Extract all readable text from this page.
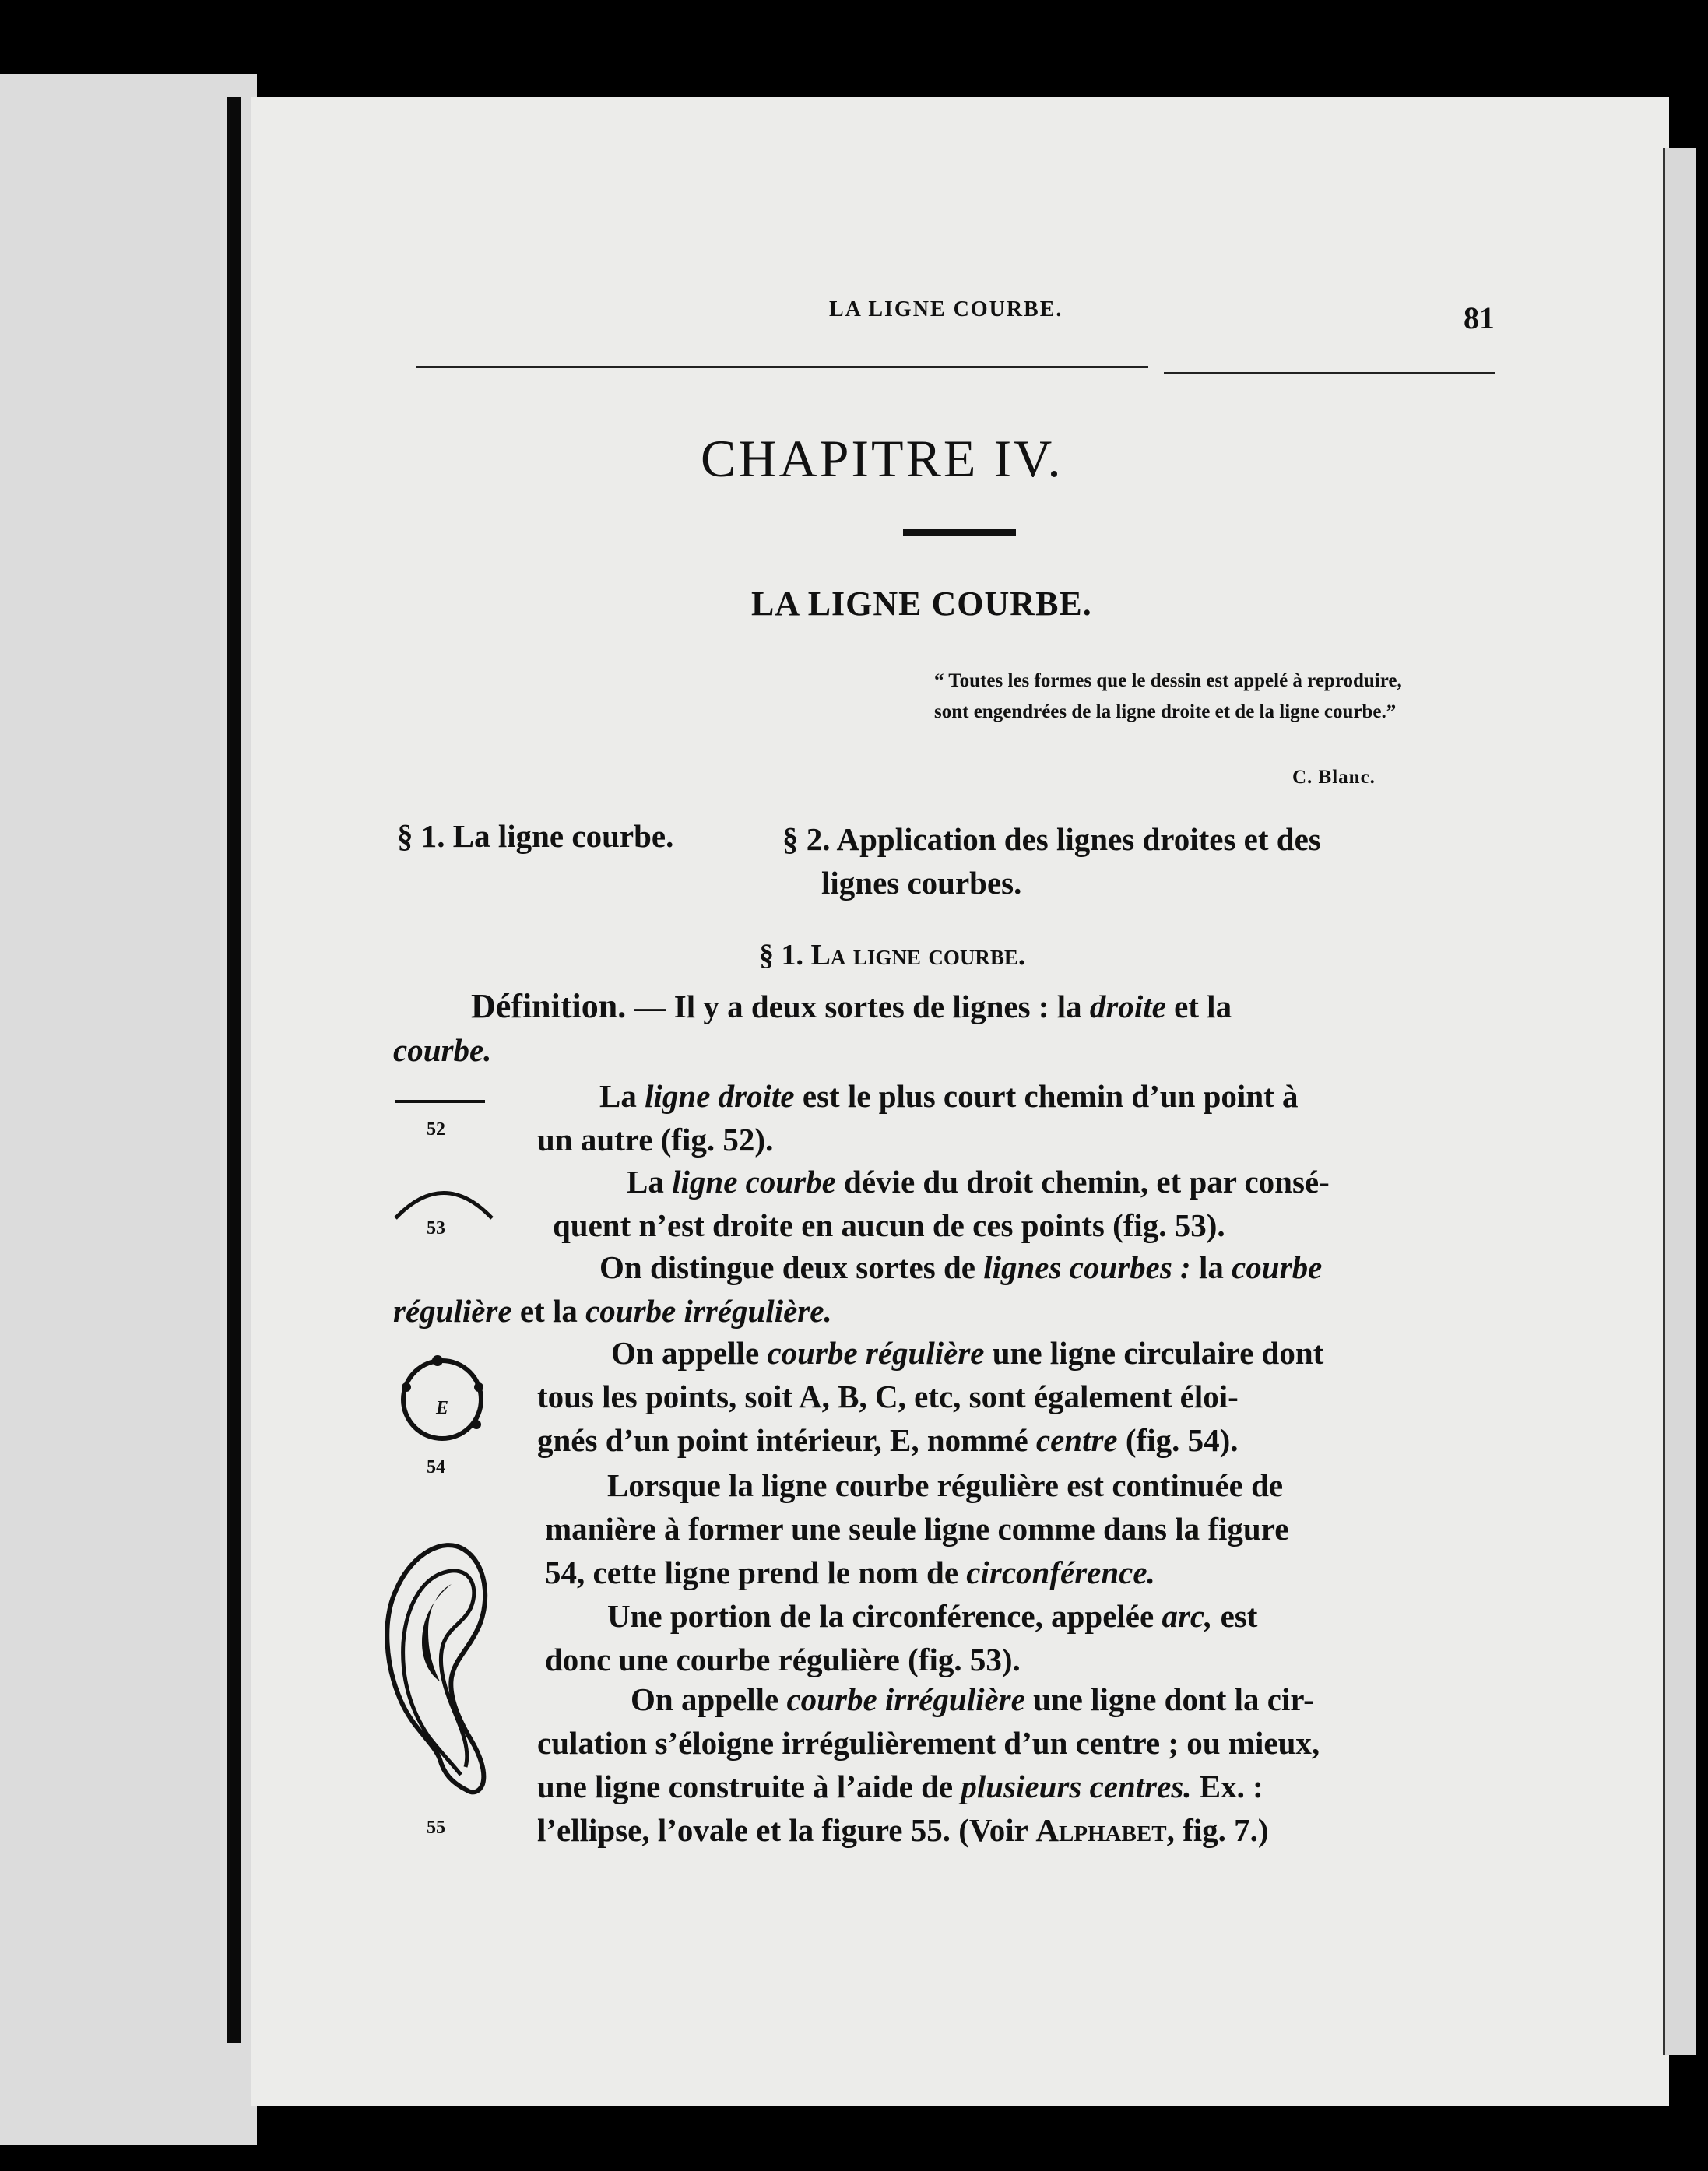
LA LIGNE COURBE.	81
CHAPITRE IV.
LA LIGNE COURBE.
“ Toutes les formes que le dessin est appelé à reproduire, sont engendrées de la ligne droite et de la ligne courbe.”
C. Blanc.
§ 1. La ligne courbe.	§ 2. Application des lignes droites et des
lignes courbes.
§ 1. La ligne courbe.
Définition. — Il y a deux sortes de lignes : la droite et la
courbe.
La ligne droite est le plus court chemin d’un point à
un autre (fig. 52).
La ligne courbe dévie du droit chemin, et par consé-
quent n’est droite en aucun de ces points (fig. 53).
On distingue deux sortes de lignes courbes : la courbe
régulière et la courbe irrégulière.
On appelle courbe régulière une ligne circulaire dont
tous les points, soit A, B, C, etc, sont également éloi-
gnés d’un point intérieur, E, nommé centre (fig. 54).
Lorsque la ligne courbe régulière est continuée de
manière à former une seule ligne comme dans la figure
54, cette ligne prend le nom de circonférence.
Une portion de la circonférence, appelée arc, est
donc une courbe régulière (fig. 53).
On appelle courbe irrégulière une ligne dont la cir-
culation s’éloigne irrégulièrement d’un centre ; ou mieux,
une ligne construite à l’aide de plusieurs centres. Ex. :
l’ellipse, l’ovale et la figure 55. (Voir Alphabet, fig. 7.)
52
53
E
54
55
